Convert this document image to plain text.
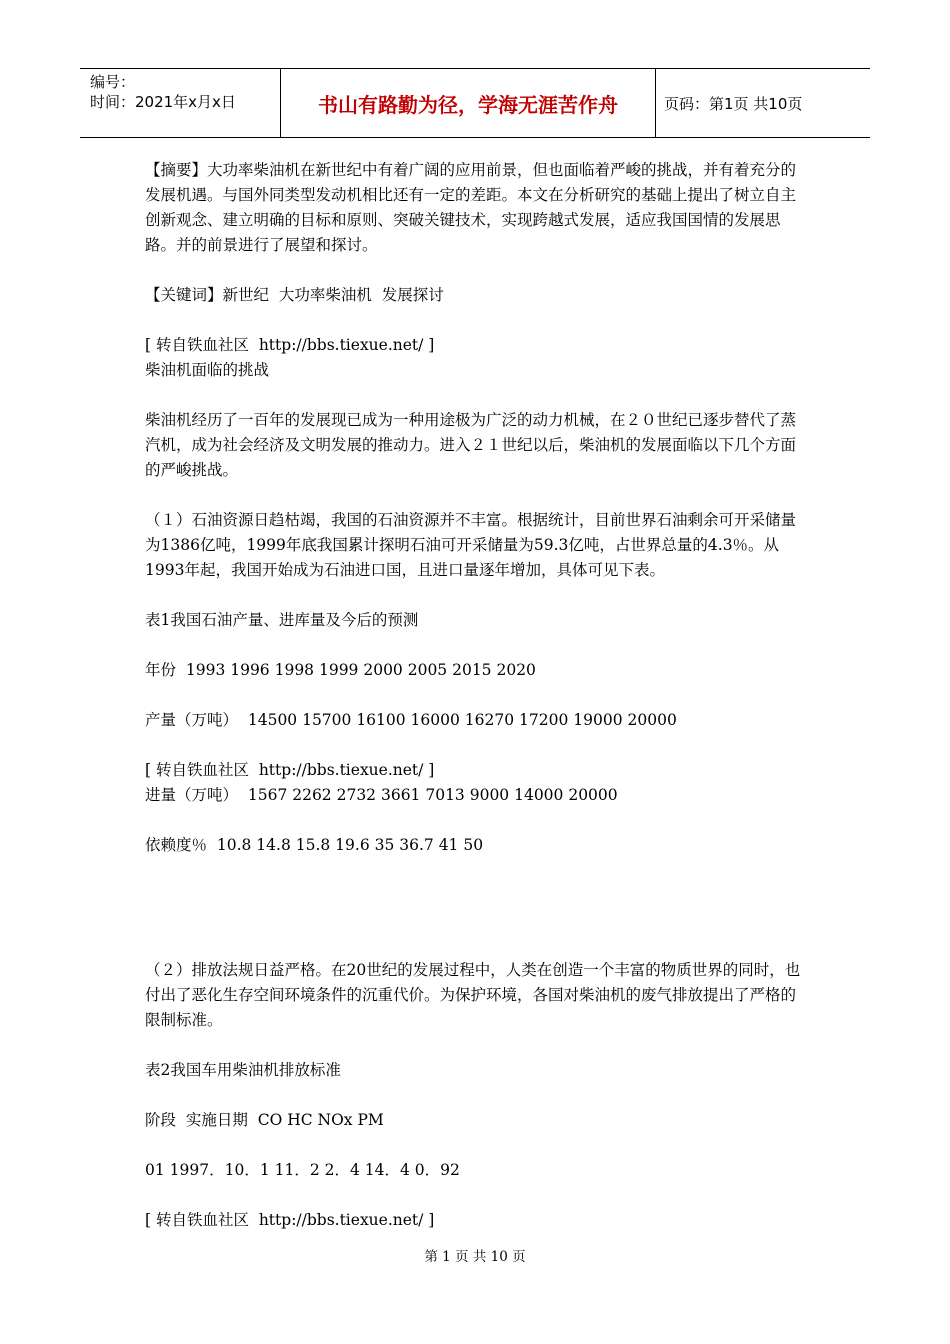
编号：
时间：2021年x月x日	书山有路勤为径，学海无涯苦作舟	页码：第1页 共10页

【摘要】大功率柴油机在新世纪中有着广阔的应用前景，但也面临着严峻的挑战，并有着充分的发展机遇。与国外同类型发动机相比还有一定的差距。本文在分析研究的基础上提出了树立自主创新观念、建立明确的目标和原则、突破关键技术，实现跨越式发展，适应我国国情的发展思路。并的前景进行了展望和探讨。

【关键词】新世纪  大功率柴油机  发展探讨

[ 转自铁血社区  http://bbs.tiexue.net/ ]

柴油机面临的挑战

柴油机经历了一百年的发展现已成为一种用途极为广泛的动力机械，在２０世纪已逐步替代了蒸汽机，成为社会经济及文明发展的推动力。进入２１世纪以后，柴油机的发展面临以下几个方面的严峻挑战。

（１）石油资源日趋枯竭，我国的石油资源并不丰富。根据统计，目前世界石油剩余可开采储量为1386亿吨，1999年底我国累计探明石油可开采储量为59.3亿吨，占世界总量的4.3％。从1993年起，我国开始成为石油进口国，且进口量逐年增加，具体可见下表。

表1我国石油产量、进库量及今后的预测

年份  1993 1996 1998 1999 2000 2005 2015 2020

产量（万吨）  14500 15700 16100 16000 16270 17200 19000 20000

[ 转自铁血社区  http://bbs.tiexue.net/ ]

进量（万吨）  1567 2262 2732 3661 7013 9000 14000 20000

依赖度％  10.8 14.8 15.8 19.6 35 36.7 41 50

（２）排放法规日益严格。在20世纪的发展过程中，人类在创造一个丰富的物质世界的同时，也付出了恶化生存空间环境条件的沉重代价。为保护环境，各国对柴油机的废气排放提出了严格的限制标准。

表2我国车用柴油机排放标准

阶段  实施日期  CO HC NOx PM

01 1997．10．1 11．2 2．4 14．4 0．92

[ 转自铁血社区  http://bbs.tiexue.net/ ]

第 1 页 共 10 页
